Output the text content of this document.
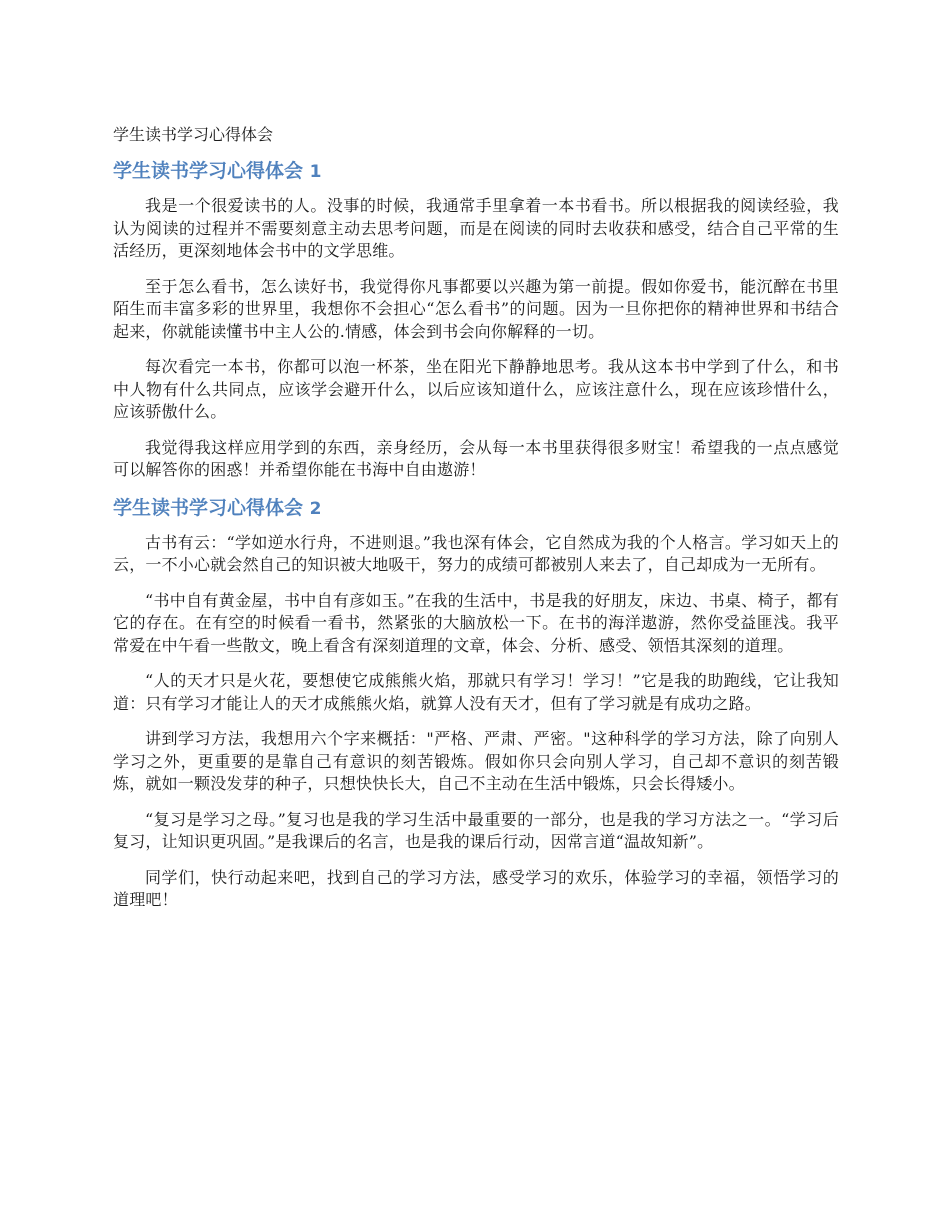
学生读书学习心得体会
学生读书学习心得体会 1

我是一个很爱读书的人。没事的时候，我通常手里拿着一本书看书。所以根据我的阅读经验，我认为阅读的过程并不需要刻意主动去思考问题，而是在阅读的同时去收获和感受，结合自己平常的生活经历，更深刻地体会书中的文学思维。

至于怎么看书，怎么读好书，我觉得你凡事都要以兴趣为第一前提。假如你爱书，能沉醉在书里陌生而丰富多彩的世界里，我想你不会担心“怎么看书”的问题。因为一旦你把你的精神世界和书结合起来，你就能读懂书中主人公的.情感，体会到书会向你解释的一切。

每次看完一本书，你都可以泡一杯茶，坐在阳光下静静地思考。我从这本书中学到了什么，和书中人物有什么共同点，应该学会避开什么，以后应该知道什么，应该注意什么，现在应该珍惜什么，应该骄傲什么。

我觉得我这样应用学到的东西，亲身经历，会从每一本书里获得很多财宝！希望我的一点点感觉可以解答你的困惑！并希望你能在书海中自由遨游！

学生读书学习心得体会 2

古书有云：“学如逆水行舟，不进则退。”我也深有体会，它自然成为我的个人格言。学习如天上的云，一不小心就会然自己的知识被大地吸干，努力的成绩可都被别人来去了，自己却成为一无所有。

“书中自有黄金屋，书中自有彦如玉。”在我的生活中，书是我的好朋友，床边、书桌、椅子，都有它的存在。在有空的时候看一看书，然紧张的大脑放松一下。在书的海洋遨游，然你受益匪浅。我平常爱在中午看一些散文，晚上看含有深刻道理的文章，体会、分析、感受、领悟其深刻的道理。

“人的天才只是火花，要想使它成熊熊火焰，那就只有学习！学习！”它是我的助跑线，它让我知道：只有学习才能让人的天才成熊熊火焰，就算人没有天才，但有了学习就是有成功之路。

讲到学习方法，我想用六个字来概括："严格、严肃、严密。"这种科学的学习方法，除了向别人学习之外，更重要的是靠自己有意识的刻苦锻炼。假如你只会向别人学习，自己却不意识的刻苦锻炼，就如一颗没发芽的种子，只想快快长大，自己不主动在生活中锻炼，只会长得矮小。

“复习是学习之母。”复习也是我的学习生活中最重要的一部分，也是我的学习方法之一。“学习后复习，让知识更巩固。”是我课后的名言，也是我的课后行动，因常言道“温故知新”。

同学们，快行动起来吧，找到自己的学习方法，感受学习的欢乐，体验学习的幸福，领悟学习的道理吧！
